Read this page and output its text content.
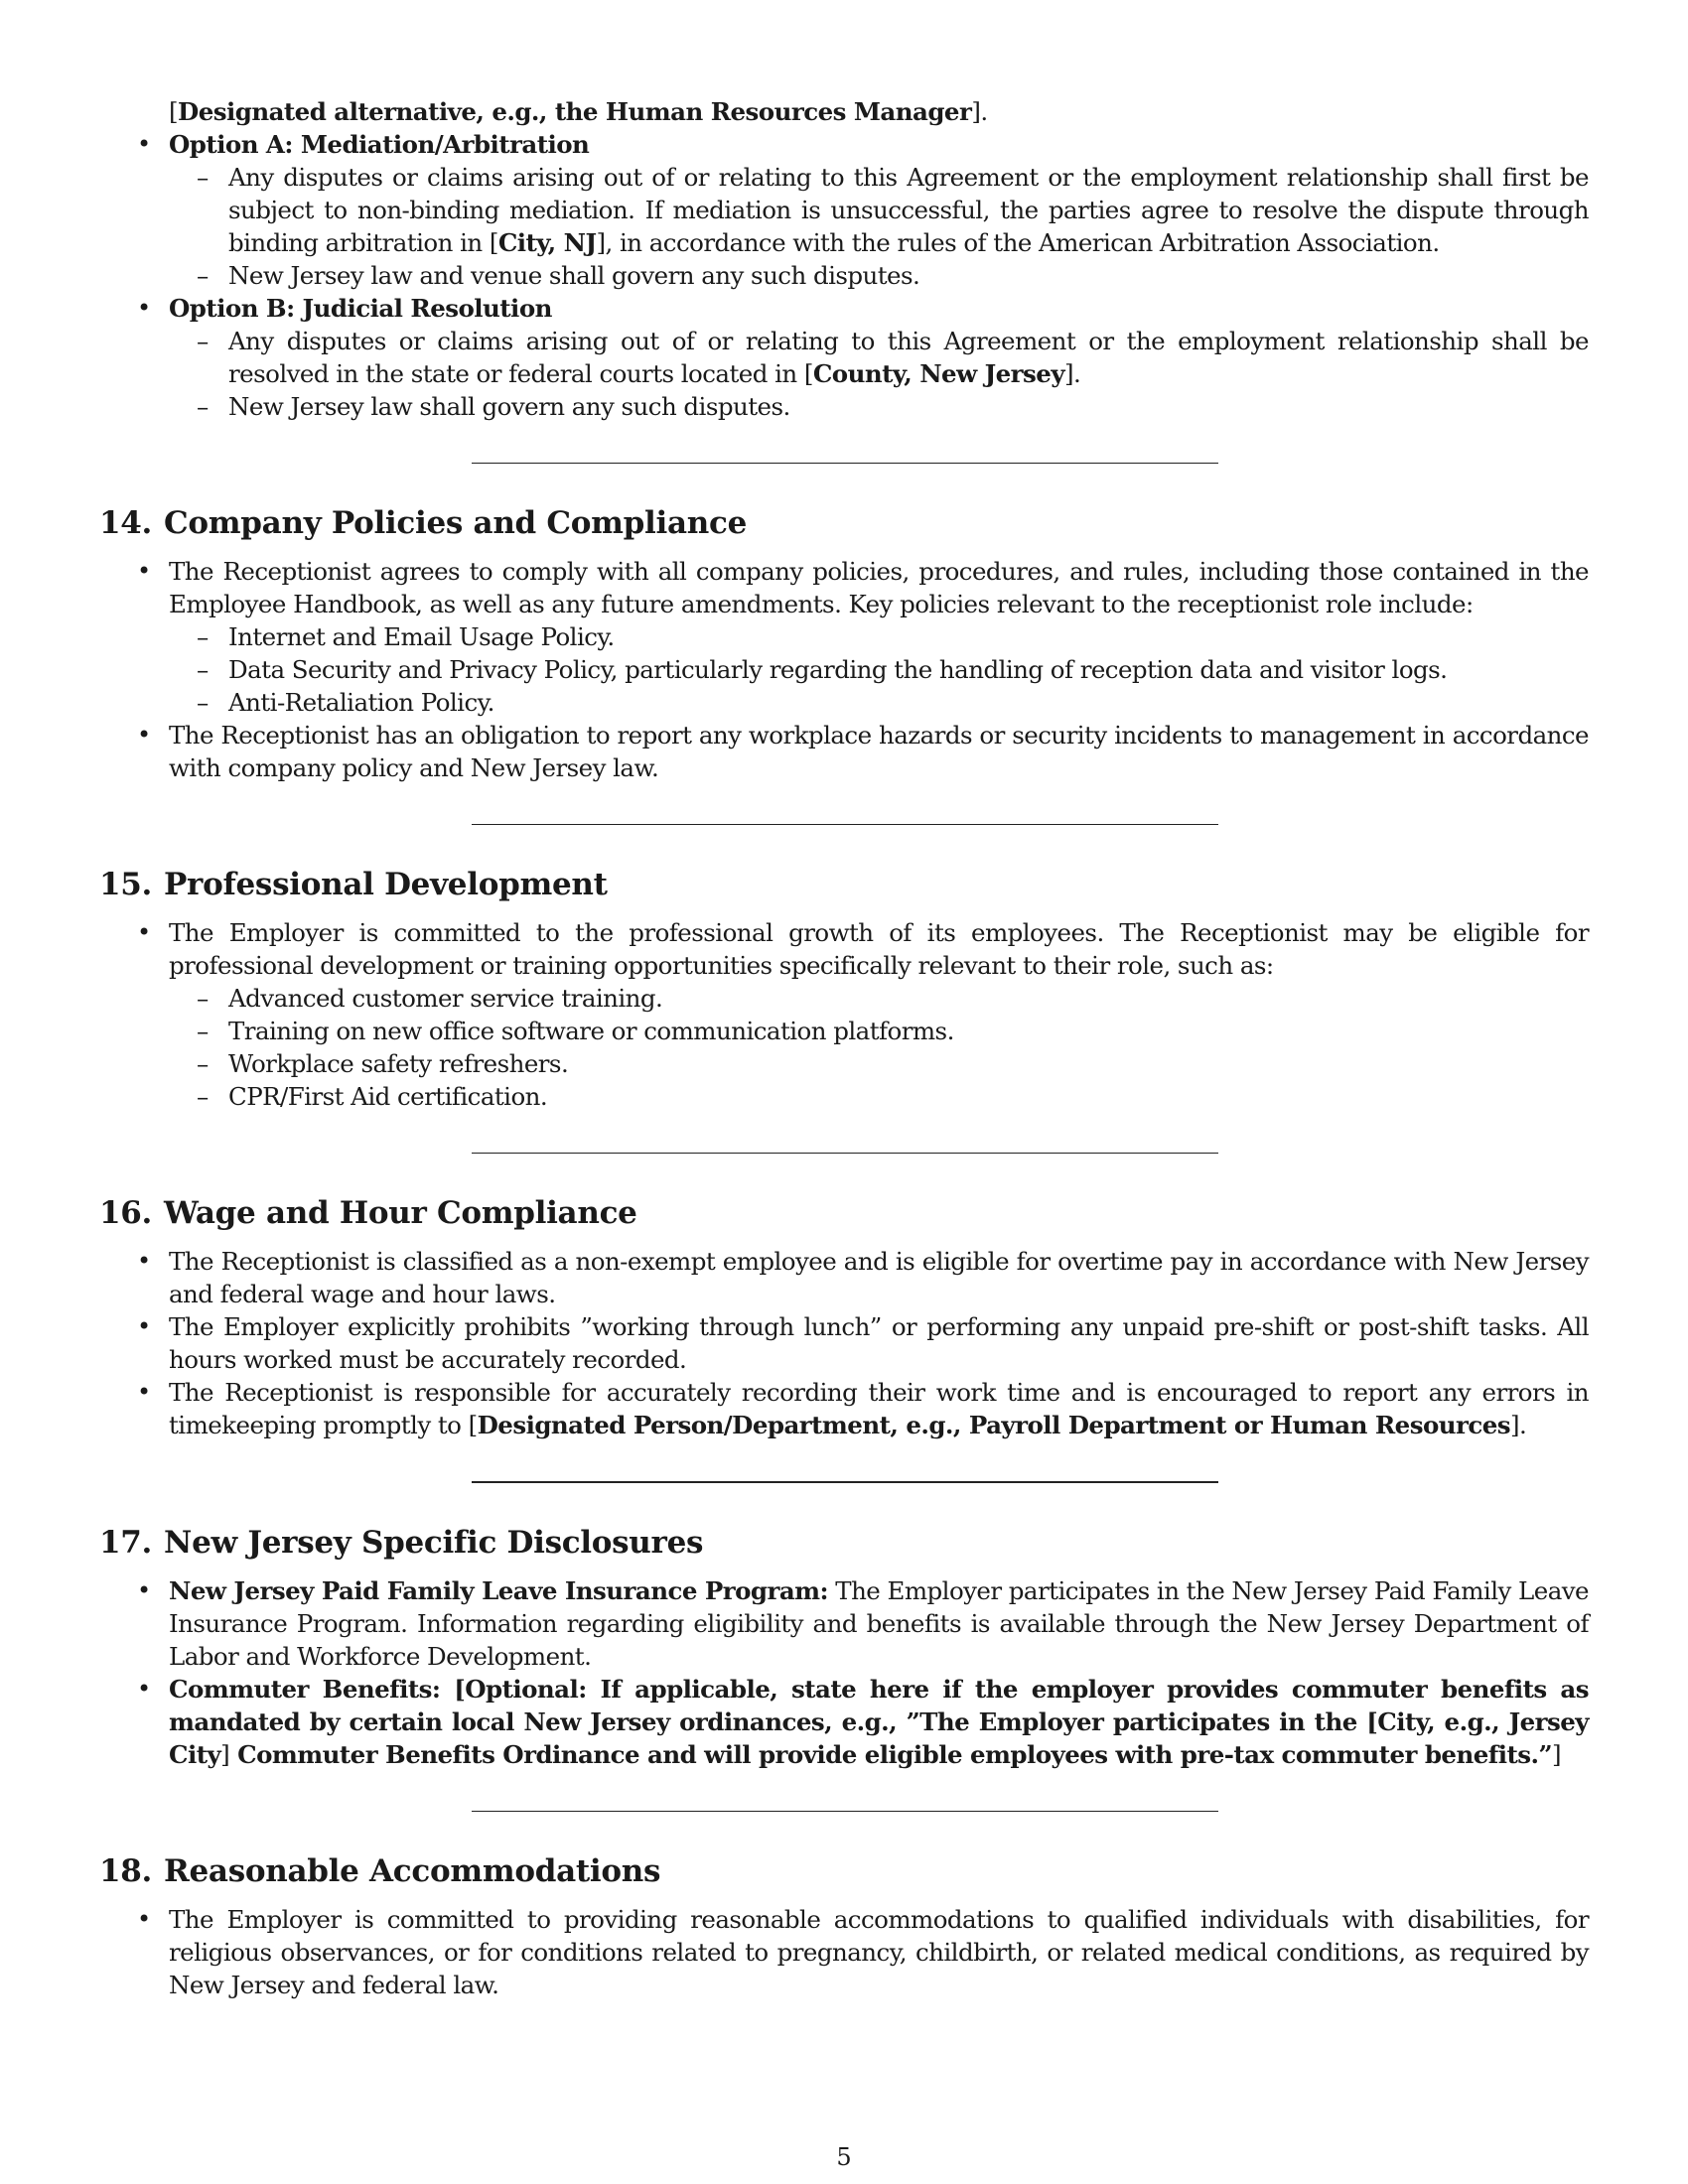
[Designated alternative, e.g., the Human Resources Manager].
• Option A: Mediation/Arbitration
– Any disputes or claims arising out of or relating to this Agreement or the employment relationship shall first be subject to non-binding mediation. If mediation is unsuccessful, the parties agree to resolve the dispute through binding arbitration in [City, NJ], in accordance with the rules of the American Arbitration Association.
– New Jersey law and venue shall govern any such disputes.
• Option B: Judicial Resolution
– Any disputes or claims arising out of or relating to this Agreement or the employment relationship shall be resolved in the state or federal courts located in [County, New Jersey].
– New Jersey law shall govern any such disputes.
14. Company Policies and Compliance
• The Receptionist agrees to comply with all company policies, procedures, and rules, including those contained in the Employee Handbook, as well as any future amendments. Key policies relevant to the receptionist role include:
– Internet and Email Usage Policy.
– Data Security and Privacy Policy, particularly regarding the handling of reception data and visitor logs.
– Anti-Retaliation Policy.
• The Receptionist has an obligation to report any workplace hazards or security incidents to management in accordance with company policy and New Jersey law.
15. Professional Development
• The Employer is committed to the professional growth of its employees. The Receptionist may be eligible for professional development or training opportunities specifically relevant to their role, such as:
– Advanced customer service training.
– Training on new office software or communication platforms.
– Workplace safety refreshers.
– CPR/First Aid certification.
16. Wage and Hour Compliance
• The Receptionist is classified as a non-exempt employee and is eligible for overtime pay in accordance with New Jersey and federal wage and hour laws.
• The Employer explicitly prohibits ”working through lunch” or performing any unpaid pre-shift or post-shift tasks. All hours worked must be accurately recorded.
• The Receptionist is responsible for accurately recording their work time and is encouraged to report any errors in timekeeping promptly to [Designated Person/Department, e.g., Payroll Department or Human Resources].
17. New Jersey Specific Disclosures
• New Jersey Paid Family Leave Insurance Program: The Employer participates in the New Jersey Paid Family Leave Insurance Program. Information regarding eligibility and benefits is available through the New Jersey Department of Labor and Workforce Development.
• Commuter Benefits: [Optional: If applicable, state here if the employer provides commuter benefits as mandated by certain local New Jersey ordinances, e.g., ”The Employer participates in the [City, e.g., Jersey City] Commuter Benefits Ordinance and will provide eligible employees with pre-tax commuter benefits.”]
18. Reasonable Accommodations
• The Employer is committed to providing reasonable accommodations to qualified individuals with disabilities, for religious observances, or for conditions related to pregnancy, childbirth, or related medical conditions, as required by New Jersey and federal law.
5
